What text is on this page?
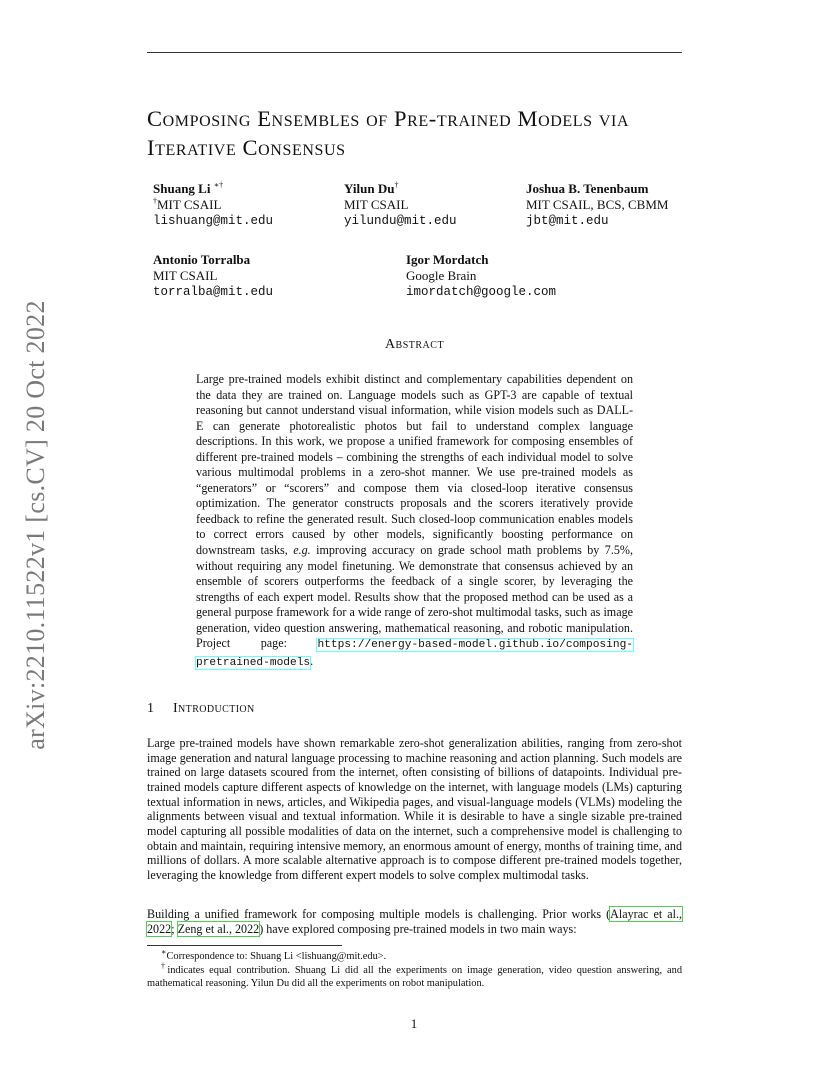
arXiv:2210.11522v1 [cs.CV] 20 Oct 2022
Composing Ensembles of Pre-trained Models via Iterative Consensus
Shuang Li ∗†
†MIT CSAIL
lishuang@mit.edu
Yilun Du†
MIT CSAIL
yilundu@mit.edu
Joshua B. Tenenbaum
MIT CSAIL, BCS, CBMM
jbt@mit.edu
Antonio Torralba
MIT CSAIL
torralba@mit.edu
Igor Mordatch
Google Brain
imordatch@google.com
Abstract

Large pre-trained models exhibit distinct and complementary capabilities dependent on the data they are trained on. Language models such as GPT-3 are capable of textual reasoning but cannot understand visual information, while vision models such as DALL-E can generate photorealistic photos but fail to understand complex language descriptions. In this work, we propose a unified framework for composing ensembles of different pre-trained models – combining the strengths of each individual model to solve various multimodal problems in a zero-shot manner. We use pre-trained models as “generators” or “scorers” and compose them via closed-loop iterative consensus optimization. The generator constructs proposals and the scorers iteratively provide feedback to refine the generated result. Such closed-loop communication enables models to correct errors caused by other models, significantly boosting performance on downstream tasks, e.g. improving accuracy on grade school math problems by 7.5%, without requiring any model finetuning. We demonstrate that consensus achieved by an ensemble of scorers outperforms the feedback of a single scorer, by leveraging the strengths of each expert model. Results show that the proposed method can be used as a general purpose framework for a wide range of zero-shot multimodal tasks, such as image generation, video question answering, mathematical reasoning, and robotic manipulation. Project page: https://energy-based-model.github.io/composing-pretrained-models.

1 Introduction

Large pre-trained models have shown remarkable zero-shot generalization abilities, ranging from zero-shot image generation and natural language processing to machine reasoning and action planning. Such models are trained on large datasets scoured from the internet, often consisting of billions of datapoints. Individual pre-trained models capture different aspects of knowledge on the internet, with language models (LMs) capturing textual information in news, articles, and Wikipedia pages, and visual-language models (VLMs) modeling the alignments between visual and textual information. While it is desirable to have a single sizable pre-trained model capturing all possible modalities of data on the internet, such a comprehensive model is challenging to obtain and maintain, requiring intensive memory, an enormous amount of energy, months of training time, and millions of dollars. A more scalable alternative approach is to compose different pre-trained models together, leveraging the knowledge from different expert models to solve complex multimodal tasks.

Building a unified framework for composing multiple models is challenging. Prior works (Alayrac et al., 2022; Zeng et al., 2022) have explored composing pre-trained models in two main ways:

∗Correspondence to: Shuang Li <lishuang@mit.edu>.

†indicates equal contribution. Shuang Li did all the experiments on image generation, video question answering, and mathematical reasoning. Yilun Du did all the experiments on robot manipulation.

1
